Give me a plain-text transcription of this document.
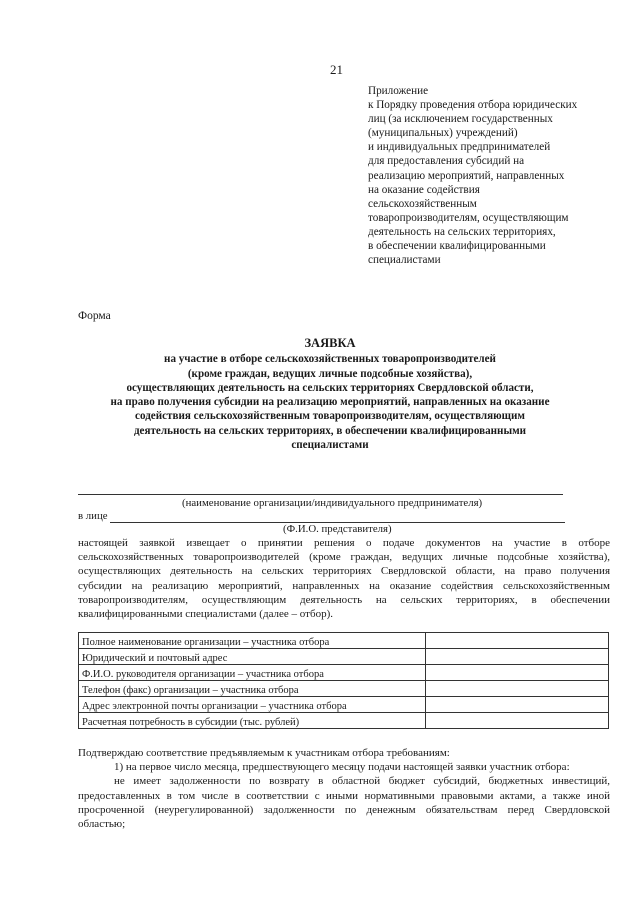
21
Приложение
к Порядку проведения отбора юридических
лиц (за исключением государственных
(муниципальных) учреждений)
и индивидуальных предпринимателей
для предоставления субсидий на
реализацию мероприятий, направленных
на оказание содействия
сельскохозяйственным
товаропроизводителям, осуществляющим
деятельность на сельских территориях,
в обеспечении квалифицированными
специалистами
Форма
ЗАЯВКА
на участие в отборе сельскохозяйственных товаропроизводителей
(кроме граждан, ведущих личные подсобные хозяйства),
осуществляющих деятельность на сельских территориях Свердловской области,
на право получения субсидии на реализацию мероприятий, направленных на оказание
содействия сельскохозяйственным товаропроизводителям, осуществляющим
деятельность на сельских территориях, в обеспечении квалифицированными
специалистами
(наименование организации/индивидуального предпринимателя)
в лице
(Ф.И.О. представителя)
настоящей заявкой извещает о принятии решения о подаче документов на участие в отборе
сельскохозяйственных товаропроизводителей (кроме граждан, ведущих личные подсобные хозяйства),
осуществляющих деятельность на сельских территориях Свердловской области, на право получения
субсидии на реализацию мероприятий, направленных на оказание содействия сельскохозяйственным
товаропроизводителям, осуществляющим деятельность на сельских территориях, в обеспечении
квалифицированными специалистами (далее – отбор).
Полное наименование организации – участника отбора	
Юридический и почтовый адрес	
Ф.И.О. руководителя организации – участника отбора	
Телефон (факс) организации – участника отбора	
Адрес электронной почты организации – участника отбора	
Расчетная потребность в субсидии (тыс. рублей)	
Подтверждаю соответствие предъявляемым к участникам отбора требованиям:
1) на первое число месяца, предшествующего месяцу подачи настоящей заявки участник отбора:
не имеет задолженности по возврату в областной бюджет субсидий, бюджетных инвестиций,
предоставленных в том числе в соответствии с иными нормативными правовыми актами, а также иной
просроченной (неурегулированной) задолженности по денежным обязательствам перед Свердловской
областью;
